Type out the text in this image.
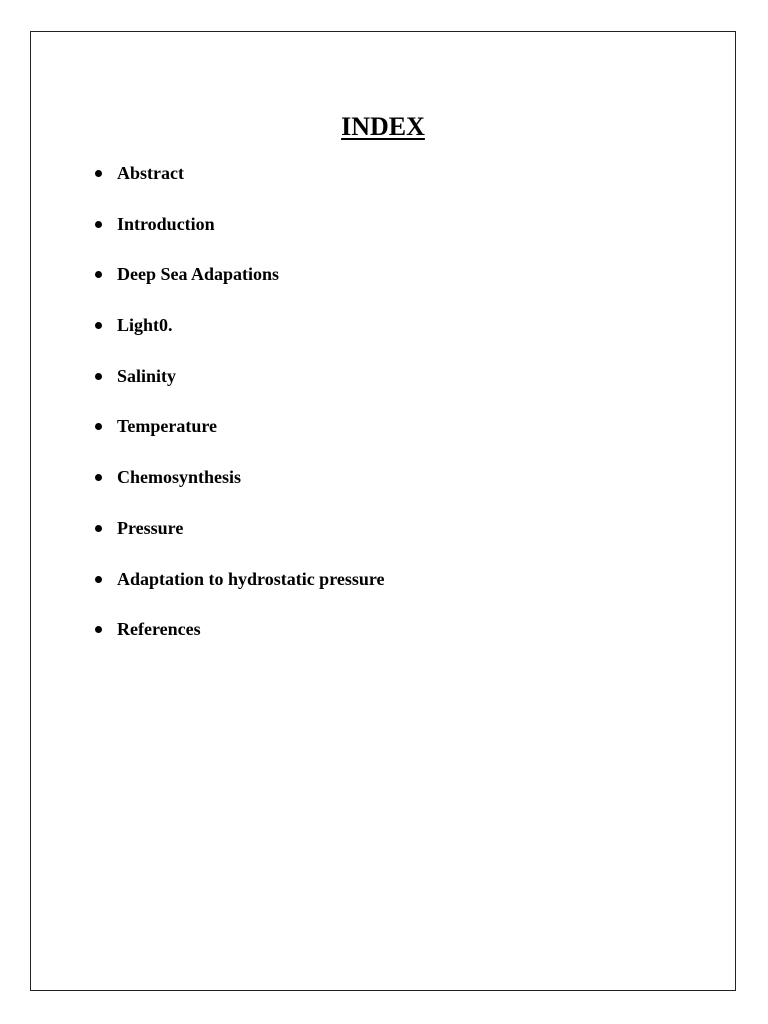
INDEX
Abstract
Introduction
Deep Sea Adapations
Light0.
Salinity
Temperature
Chemosynthesis
Pressure
Adaptation to hydrostatic pressure
References
